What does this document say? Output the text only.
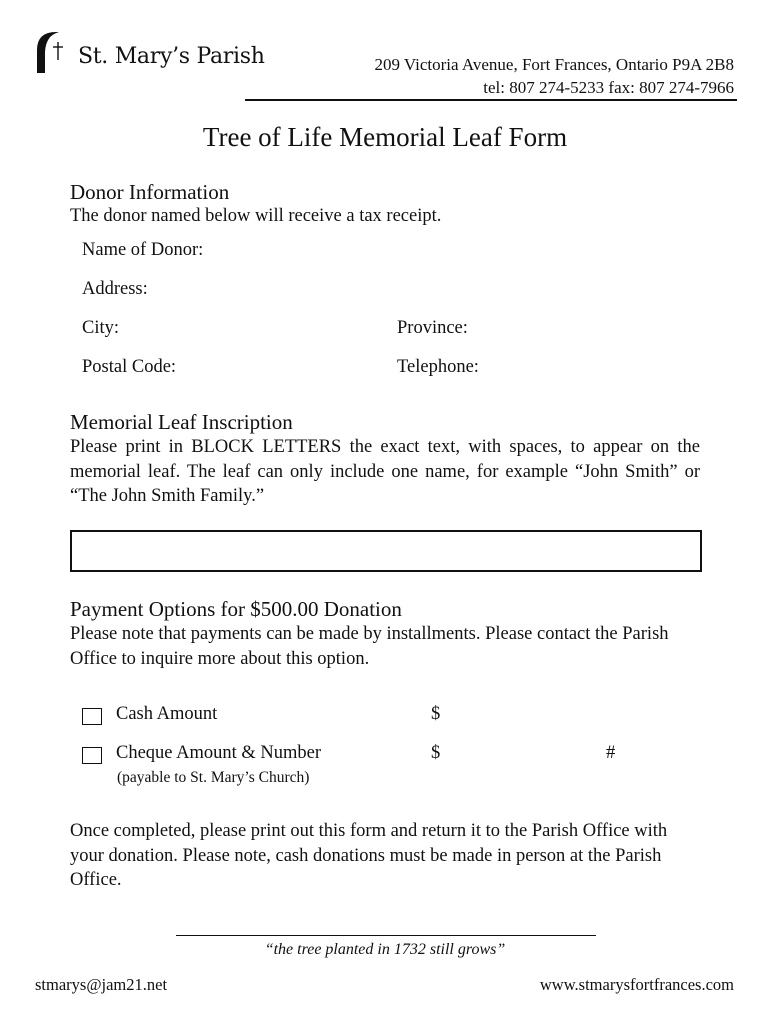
St. Mary’s Parish	209 Victoria Avenue, Fort Frances, Ontario P9A 2B8
tel: 807 274-5233 fax: 807 274-7966
Tree of Life Memorial Leaf Form
Donor Information
The donor named below will receive a tax receipt.
Name of Donor:
Address:
City:	Province:
Postal Code:	Telephone:
Memorial Leaf Inscription
Please print in BLOCK LETTERS the exact text, with spaces, to appear on the memorial leaf. The leaf can only include one name, for example “John Smith” or “The John Smith Family.”
Payment Options for $500.00 Donation
Please note that payments can be made by installments. Please contact the Parish Office to inquire more about this option.
Cash Amount	$
Cheque Amount & Number	$	#
(payable to St. Mary’s Church)
Once completed, please print out this form and return it to the Parish Office with your donation. Please note, cash donations must be made in person at the Parish Office.
“the tree planted in 1732 still grows”
stmarys@jam21.net	www.stmarysfortfrances.com
